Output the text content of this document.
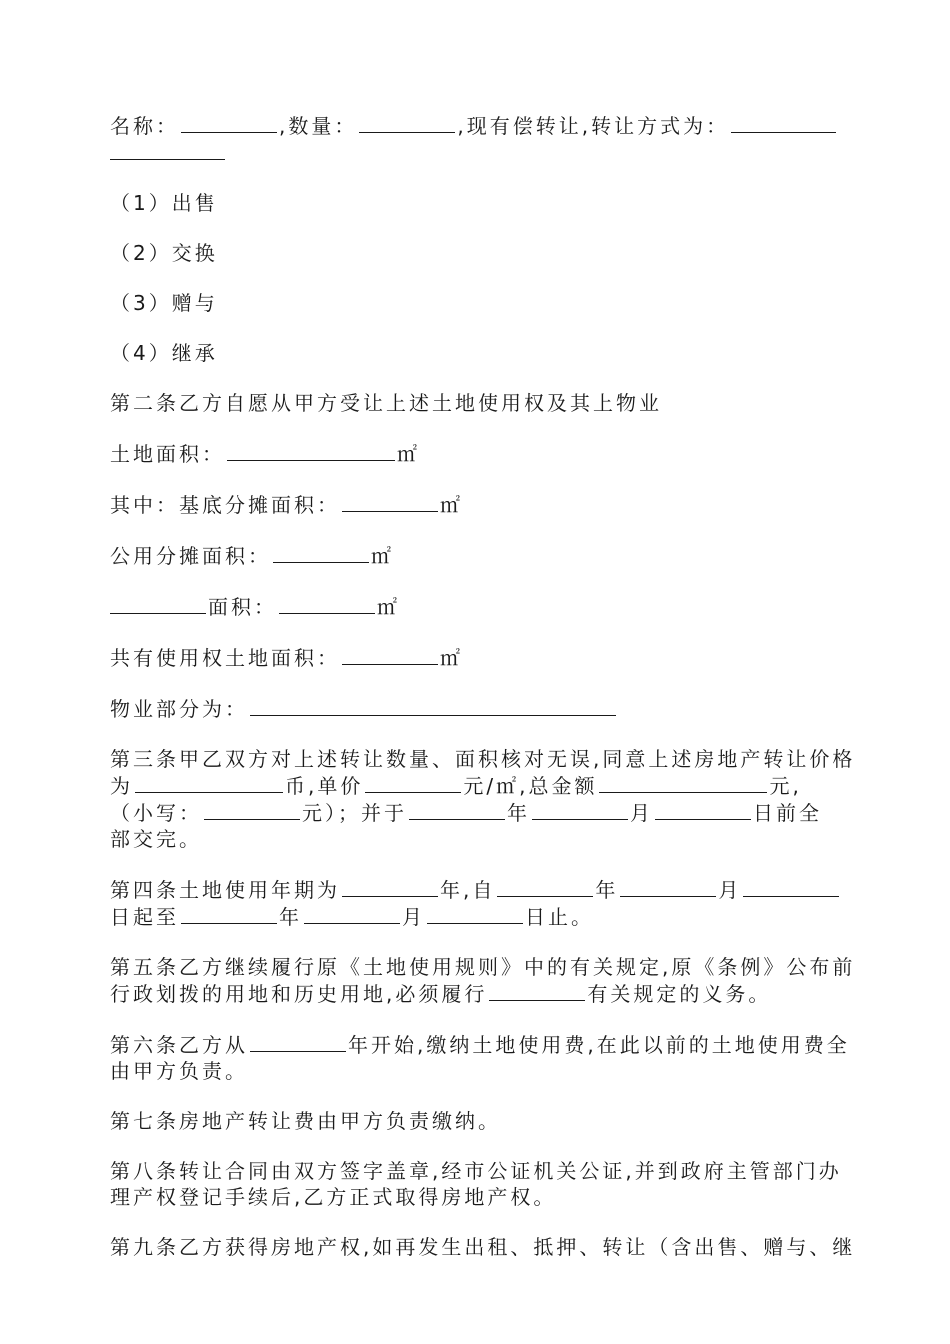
名称：	,数量：	,现有偿转让,转让方式为：
（1）出售
（2）交换
（3）赠与
（4）继承
第二条乙方自愿从甲方受让上述土地使用权及其上物业
土地面积：	㎡
其中：基底分摊面积：	㎡
公用分摊面积：	㎡
面积：	㎡
共有使用权土地面积：	㎡
物业部分为：
第三条甲乙双方对上述转让数量、面积核对无误,同意上述房地产转让价格
为	币,单价	元/㎡,总金额	元,
（小写：	元）；并于	年	月	日前全
部交完。
第四条土地使用年期为	年,自	年	月
日起至	年	月	日止。
第五条乙方继续履行原《土地使用规则》中的有关规定,原《条例》公布前
行政划拨的用地和历史用地,必须履行	有关规定的义务。
第六条乙方从	年开始,缴纳土地使用费,在此以前的土地使用费全
由甲方负责。
第七条房地产转让费由甲方负责缴纳。
第八条转让合同由双方签字盖章,经市公证机关公证,并到政府主管部门办
理产权登记手续后,乙方正式取得房地产权。
第九条乙方获得房地产权,如再发生出租、抵押、转让（含出售、赠与、继
